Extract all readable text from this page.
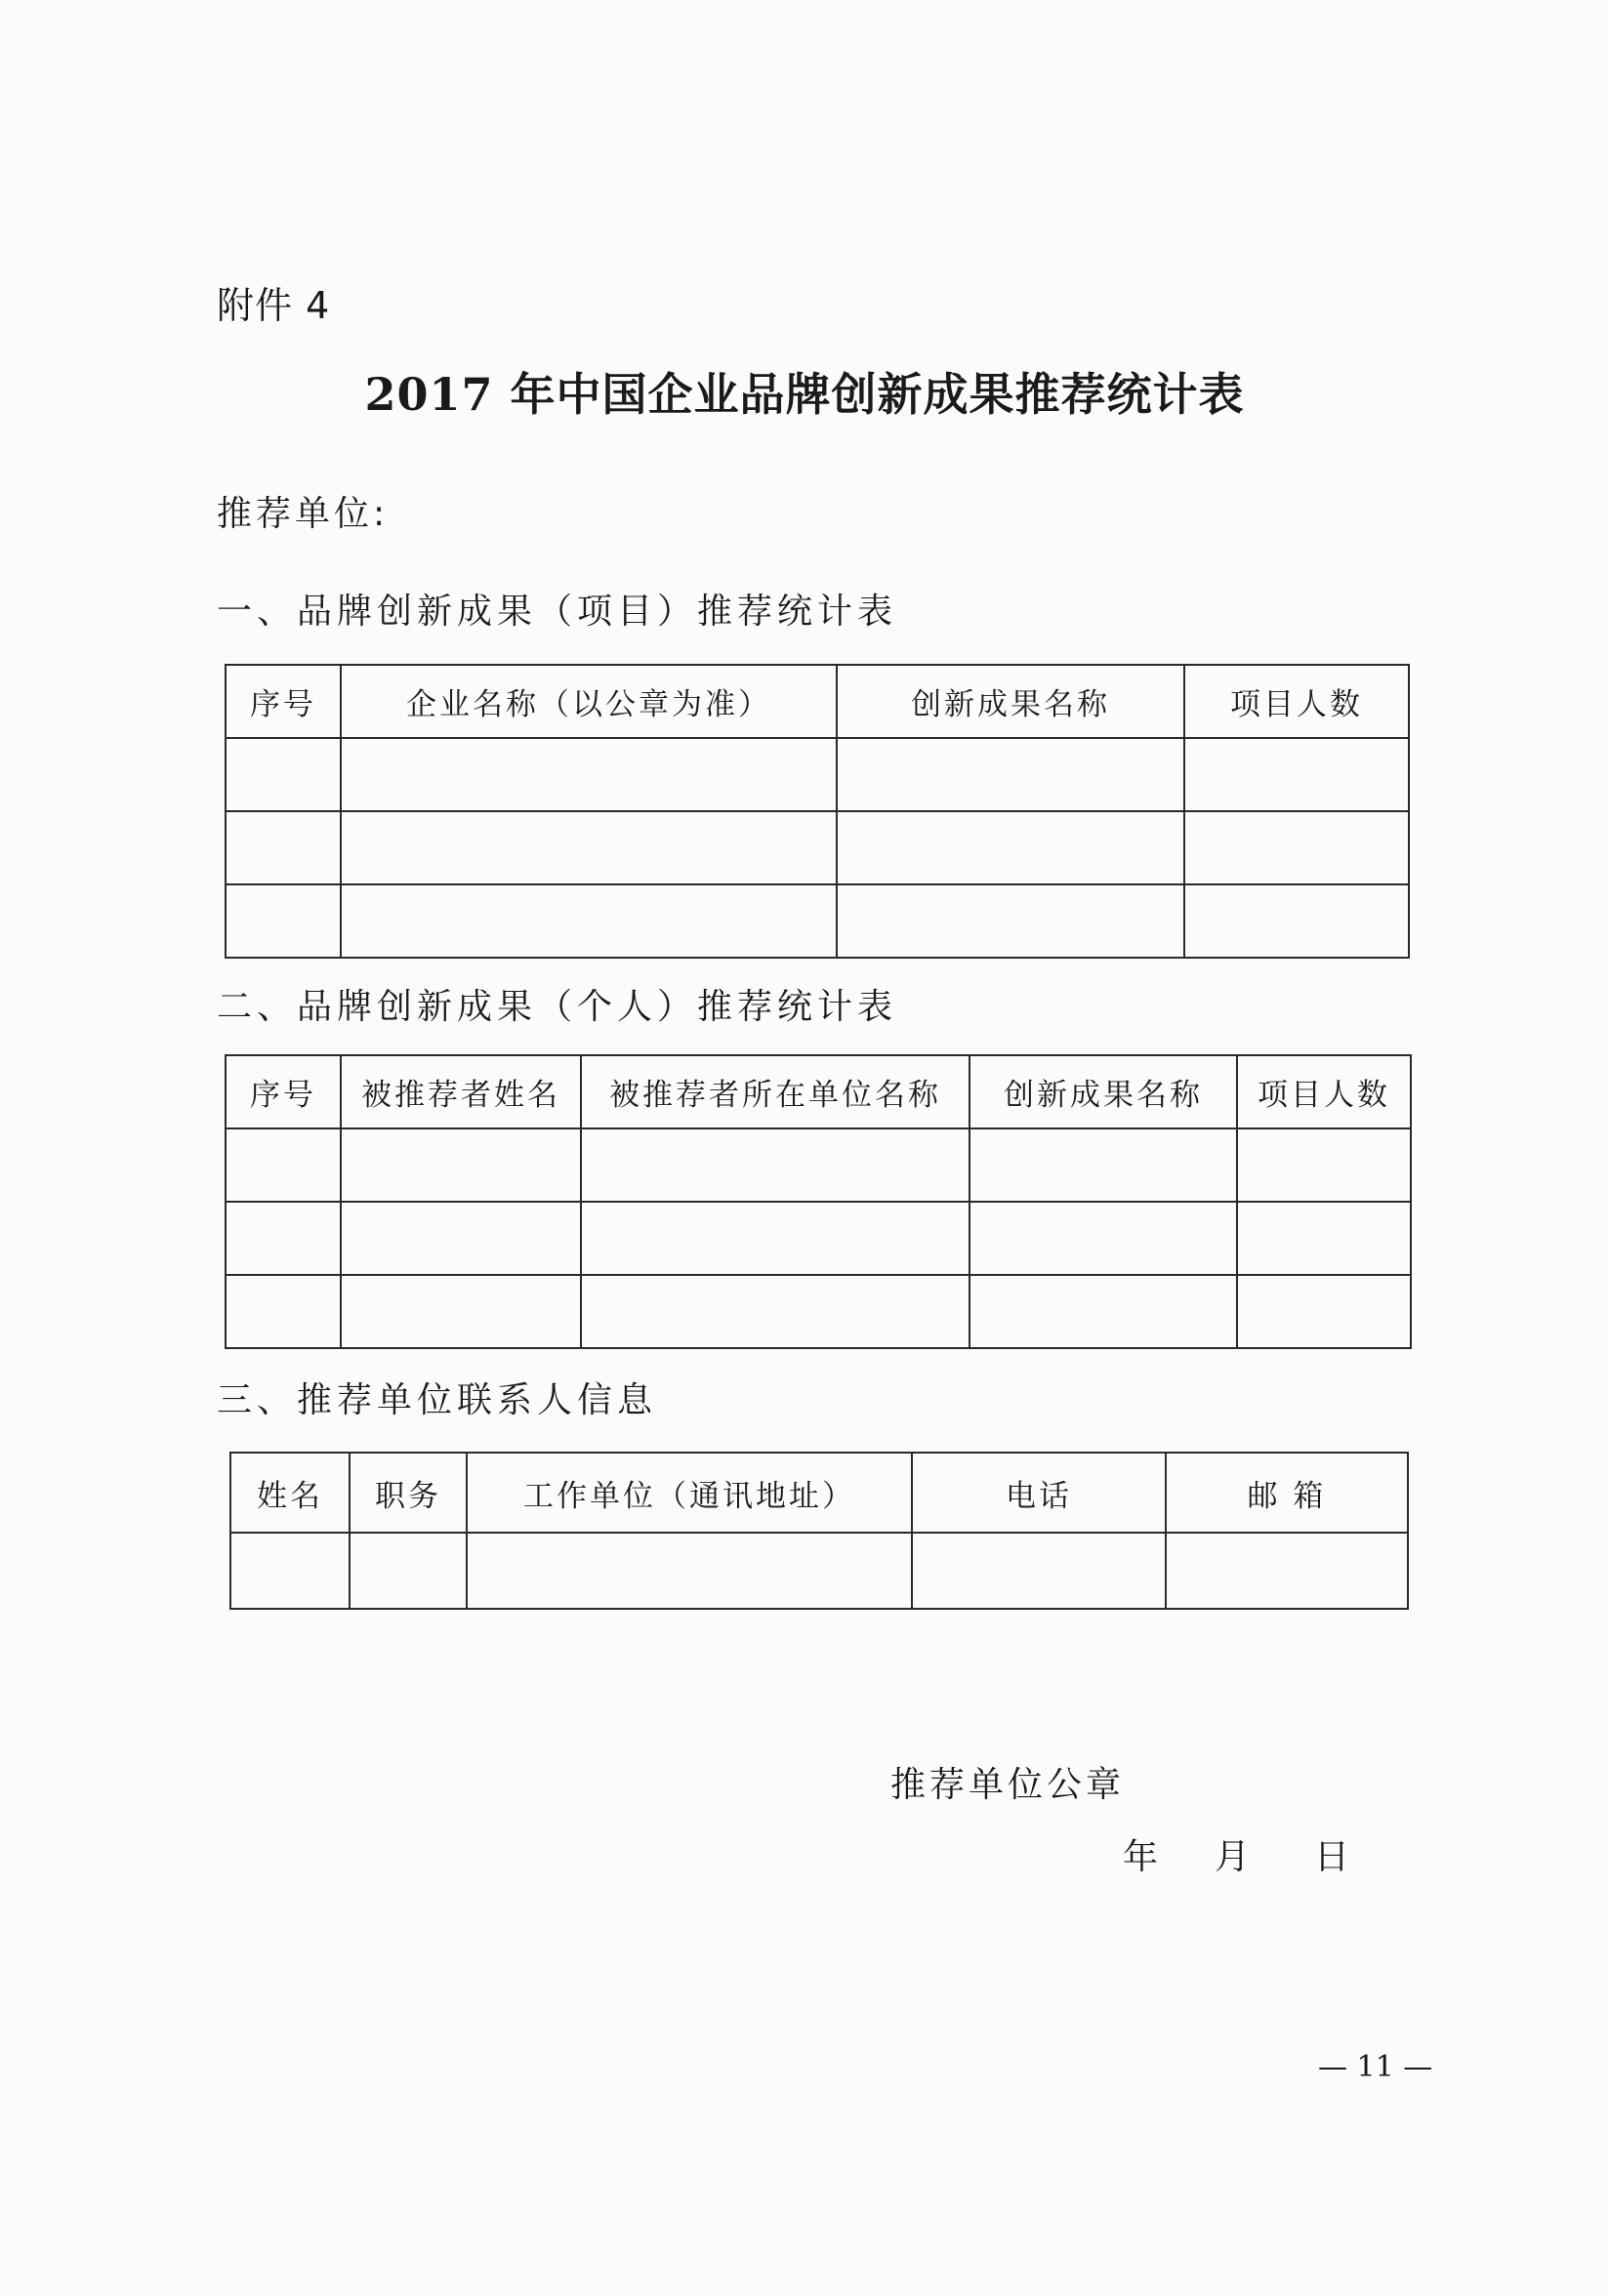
附件 4
2017 年中国企业品牌创新成果推荐统计表
推荐单位:
一、品牌创新成果（项目）推荐统计表
序号	企业名称（以公章为准）	创新成果名称	项目人数

二、品牌创新成果（个人）推荐统计表
序号	被推荐者姓名	被推荐者所在单位名称	创新成果名称	项目人数

三、推荐单位联系人信息
姓名	职务	工作单位（通讯地址）	电话	邮 箱

推荐单位公章
年 月 日
— 11 —
